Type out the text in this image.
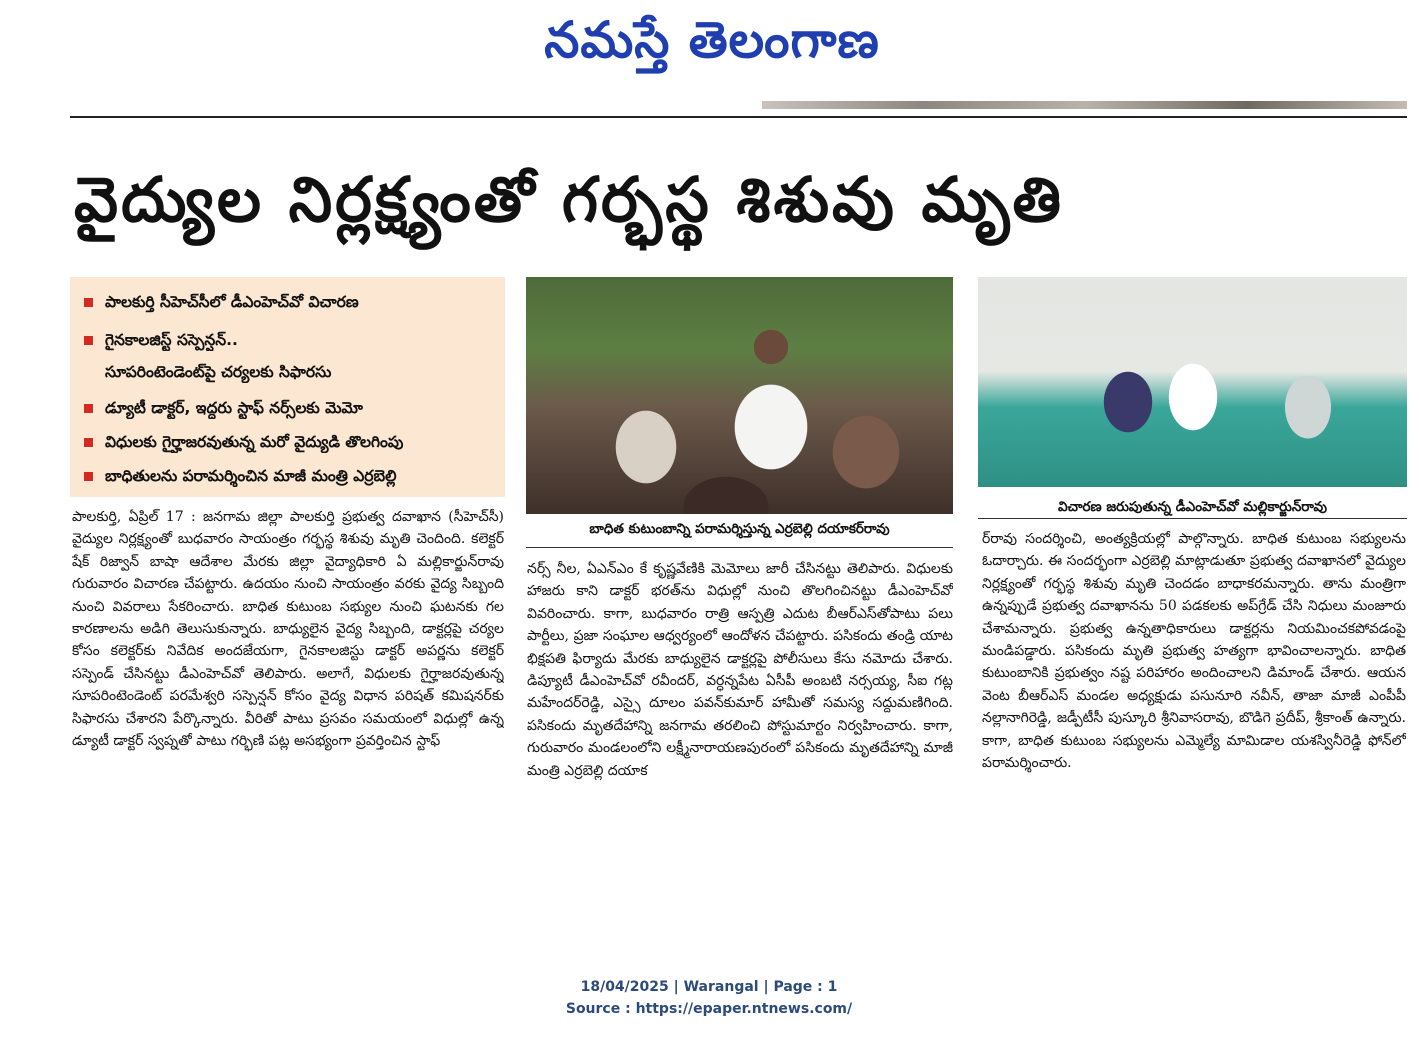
నమస్తే తెలంగాణ
వైద్యుల నిర్లక్ష్యంతో గర్భస్థ శిశువు మృతి
పాలకుర్తి సీహెచ్‌సీలో డీఎంహెచ్‌వో విచారణ
గైనకాలజిస్ట్ సస్పెన్షన్..
సూపరింటెండెంట్‌పై చర్యలకు సిఫారసు
డ్యూటీ డాక్టర్, ఇద్దరు స్టాఫ్ నర్స్‌లకు మెమో
విధులకు గైర్హాజరవుతున్న మరో వైద్యుడి తొలగింపు
బాధితులను పరామర్శించిన మాజీ మంత్రి ఎర్రబెల్లి

పాలకుర్తి, ఏప్రిల్ 17 : జనగామ జిల్లా పాలకుర్తి ప్రభుత్వ దవాఖాన (సీహెచ్‌సీ) వైద్యుల నిర్లక్ష్యంతో బుధవారం సాయంత్రం గర్భస్థ శిశువు మృతి చెందింది. కలెక్టర్ షేక్ రిజ్వాన్ బాషా ఆదేశాల మేరకు జిల్లా వైద్యాధికారి ఏ మల్లికార్జున్‌రావు గురువారం విచారణ చేపట్టారు. ఉదయం నుంచి సాయంత్రం వరకు వైద్య సిబ్బంది నుంచి వివరాలు సేకరించారు. బాధిత కుటుంబ సభ్యుల నుంచి ఘటనకు గల కారణాలను అడిగి తెలుసుకున్నారు. బాధ్యులైన వైద్య సిబ్బంది, డాక్టర్లపై చర్యల కోసం కలెక్టర్‌కు నివేదిక అందజేయగా, గైనకాలజిస్టు డాక్టర్ అపర్ణను కలెక్టర్ సస్పెండ్ చేసినట్టు డీఎంహెచ్‌వో తెలిపారు. అలాగే, విధులకు గైర్హాజరవుతున్న సూపరింటెండెంట్ పరమేశ్వరి సస్పెన్షన్ కోసం వైద్య విధాన పరిషత్ కమిషనర్‌కు సిఫారసు చేశారని పేర్కొన్నారు. వీరితో పాటు ప్రసవం సమయంలో విధుల్లో ఉన్న డ్యూటీ డాక్టర్ స్వప్నతో పాటు గర్భిణి పట్ల అసభ్యంగా ప్రవర్తించిన స్టాఫ్

బాధిత కుటుంబాన్ని పరామర్శిస్తున్న ఎర్రబెల్లి దయాకర్‌రావు

నర్స్ నీల, ఏఎన్‌ఎం కే కృష్ణవేణికి మెమోలు జారీ చేసినట్టు తెలిపారు. విధులకు హాజరు కాని డాక్టర్ భరత్‌ను విధుల్లో నుంచి తొలగించినట్టు డీఎంహెచ్‌వో వివరించారు. కాగా, బుధవారం రాత్రి ఆస్పత్రి ఎదుట బీఆర్‌ఎస్‌తోపాటు పలు పార్టీలు, ప్రజా సంఘాల ఆధ్వర్యంలో ఆందోళన చేపట్టారు. పసికందు తండ్రి యాట భిక్షపతి ఫిర్యాదు మేరకు బాధ్యులైన డాక్టర్లపై పోలీసులు కేసు నమోదు చేశారు. డిప్యూటీ డీఎంహెచ్‌వో రవీందర్, వర్ధన్నపేట ఏసీపీ అంబటి నర్సయ్య, సీఐ గట్ల మహేందర్‌రెడ్డి, ఎస్సై దూలం పవన్‌కుమార్ హామీతో సమస్య సద్దుమణిగింది. పసికందు మృతదేహాన్ని జనగామ తరలించి పోస్టుమార్టం నిర్వహించారు. కాగా, గురువారం మండలంలోని లక్ష్మీనారాయణపురంలో పసికందు మృతదేహాన్ని మాజీ మంత్రి ఎర్రబెల్లి దయాక

విచారణ జరుపుతున్న డీఎంహెచ్‌వో మల్లికార్జున్‌రావు

ర్‌రావు సందర్శించి, అంత్యక్రియల్లో పాల్గొన్నారు. బాధిత కుటుంబ సభ్యులను ఓదార్చారు. ఈ సందర్భంగా ఎర్రబెల్లి మాట్లాడుతూ ప్రభుత్వ దవాఖానలో వైద్యుల నిర్లక్ష్యంతో గర్భస్థ శిశువు మృతి చెందడం బాధాకరమన్నారు. తాను మంత్రిగా ఉన్నప్పుడే ప్రభుత్వ దవాఖానను 50 పడకలకు అప్‌గ్రేడ్ చేసి నిధులు మంజూరు చేశామన్నారు. ప్రభుత్వ ఉన్నతాధికారులు డాక్టర్లను నియమించకపోవడంపై మండిపడ్డారు. పసికందు మృతి ప్రభుత్వ హత్యగా భావించాలన్నారు. బాధిత కుటుంబానికి ప్రభుత్వం నష్ట పరిహారం అందించాలని డిమాండ్ చేశారు. ఆయన వెంట బీఆర్‌ఎస్ మండల అధ్యక్షుడు పసునూరి నవీన్, తాజా మాజీ ఎంపీపీ నల్లానాగిరెడ్డి, జడ్పీటీసీ పుస్కూరి శ్రీనివాసరావు, బొడిగె ప్రదీప్, శ్రీకాంత్ ఉన్నారు. కాగా, బాధిత కుటుంబ సభ్యులను ఎమ్మెల్యే మామిడాల యశస్వినీరెడ్డి ఫోన్‌లో పరామర్శించారు.

18/04/2025 | Warangal | Page : 1
Source : https://epaper.ntnews.com/
